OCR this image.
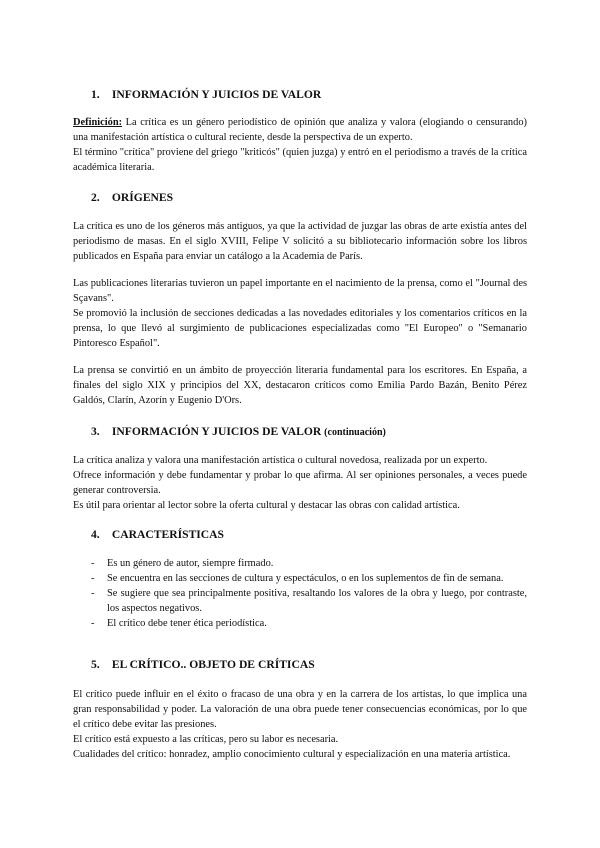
1. INFORMACIÓN Y JUICIOS DE VALOR

Definición: La crítica es un género periodístico de opinión que analiza y valora (elogiando o censurando) una manifestación artística o cultural reciente, desde la perspectiva de un experto.

El término "crítica" proviene del griego "kriticós" (quien juzga) y entró en el periodismo a través de la crítica académica literaria.

2. ORÍGENES

La crítica es uno de los géneros más antiguos, ya que la actividad de juzgar las obras de arte existía antes del periodismo de masas. En el siglo XVIII, Felipe V solicitó a su bibliotecario información sobre los libros publicados en España para enviar un catálogo a la Academia de París.

Las publicaciones literarias tuvieron un papel importante en el nacimiento de la prensa, como el "Journal des Sçavans".

Se promovió la inclusión de secciones dedicadas a las novedades editoriales y los comentarios críticos en la prensa, lo que llevó al surgimiento de publicaciones especializadas como "El Europeo" o "Semanario Pintoresco Español".

La prensa se convirtió en un ámbito de proyección literaria fundamental para los escritores. En España, a finales del siglo XIX y principios del XX, destacaron críticos como Emilia Pardo Bazán, Benito Pérez Galdós, Clarín, Azorín y Eugenio D'Ors.

3. INFORMACIÓN Y JUICIOS DE VALOR (continuación)

La crítica analiza y valora una manifestación artística o cultural novedosa, realizada por un experto.

Ofrece información y debe fundamentar y probar lo que afirma. Al ser opiniones personales, a veces puede generar controversia.

Es útil para orientar al lector sobre la oferta cultural y destacar las obras con calidad artística.

4. CARACTERÍSTICAS
- Es un género de autor, siempre firmado.
- Se encuentra en las secciones de cultura y espectáculos, o en los suplementos de fin de semana.
- Se sugiere que sea principalmente positiva, resaltando los valores de la obra y luego, por contraste, los aspectos negativos.
- El crítico debe tener ética periodística.
5. EL CRÍTICO.. OBJETO DE CRÍTICAS

El crítico puede influir en el éxito o fracaso de una obra y en la carrera de los artistas, lo que implica una gran responsabilidad y poder. La valoración de una obra puede tener consecuencias económicas, por lo que el crítico debe evitar las presiones.

El crítico está expuesto a las críticas, pero su labor es necesaria.

Cualidades del crítico: honradez, amplio conocimiento cultural y especialización en una materia artística.
